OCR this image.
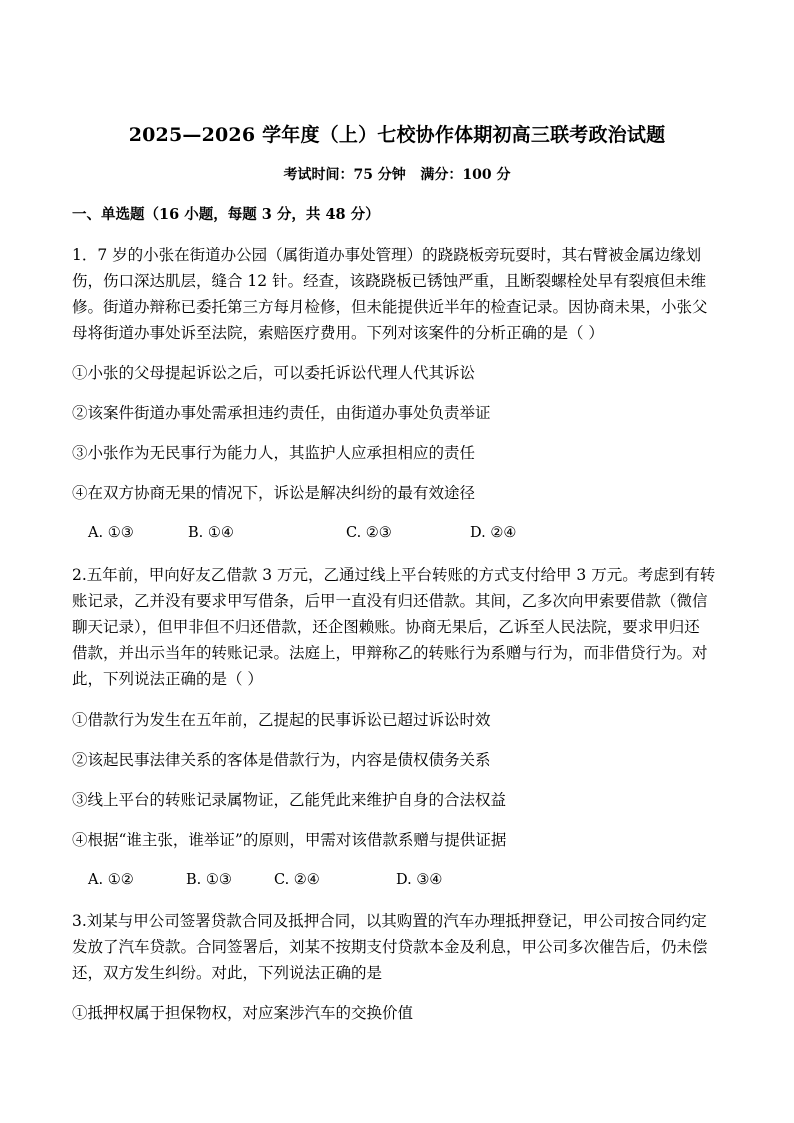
2025—2026 学年度（上）七校协作体期初高三联考政治试题
考试时间：75 分钟   满分：100 分
一、单选题（16 小题，每题 3 分，共 48 分）
1．7 岁的小张在街道办公园（属街道办事处管理）的跷跷板旁玩耍时，其右臂被金属边缘划
伤，伤口深达肌层，缝合 12 针。经查，该跷跷板已锈蚀严重，且断裂螺栓处早有裂痕但未维
修。街道办辩称已委托第三方每月检修，但未能提供近半年的检查记录。因协商未果，小张父
母将街道办事处诉至法院，索赔医疗费用。下列对该案件的分析正确的是（ ）
①小张的父母提起诉讼之后，可以委托诉讼代理人代其诉讼
②该案件街道办事处需承担违约责任，由街道办事处负责举证
③小张作为无民事行为能力人，其监护人应承担相应的责任
④在双方协商无果的情况下，诉讼是解决纠纷的最有效途径
A. ①③	B. ①④	C. ②③	D. ②④
2.五年前，甲向好友乙借款 3 万元，乙通过线上平台转账的方式支付给甲 3 万元。考虑到有转
账记录，乙并没有要求甲写借条，后甲一直没有归还借款。其间，乙多次向甲索要借款（微信
聊天记录），但甲非但不归还借款，还企图赖账。协商无果后，乙诉至人民法院，要求甲归还
借款，并出示当年的转账记录。法庭上，甲辩称乙的转账行为系赠与行为，而非借贷行为。对
此，下列说法正确的是（ ）
①借款行为发生在五年前，乙提起的民事诉讼已超过诉讼时效
②该起民事法律关系的客体是借款行为，内容是债权债务关系
③线上平台的转账记录属物证，乙能凭此来维护自身的合法权益
④根据“谁主张，谁举证”的原则，甲需对该借款系赠与提供证据
A. ①②	B. ①③	C. ②④	D. ③④
3.刘某与甲公司签署贷款合同及抵押合同，以其购置的汽车办理抵押登记，甲公司按合同约定
发放了汽车贷款。合同签署后，刘某不按期支付贷款本金及利息，甲公司多次催告后，仍未偿
还，双方发生纠纷。对此，下列说法正确的是
①抵押权属于担保物权，对应案涉汽车的交换价值
